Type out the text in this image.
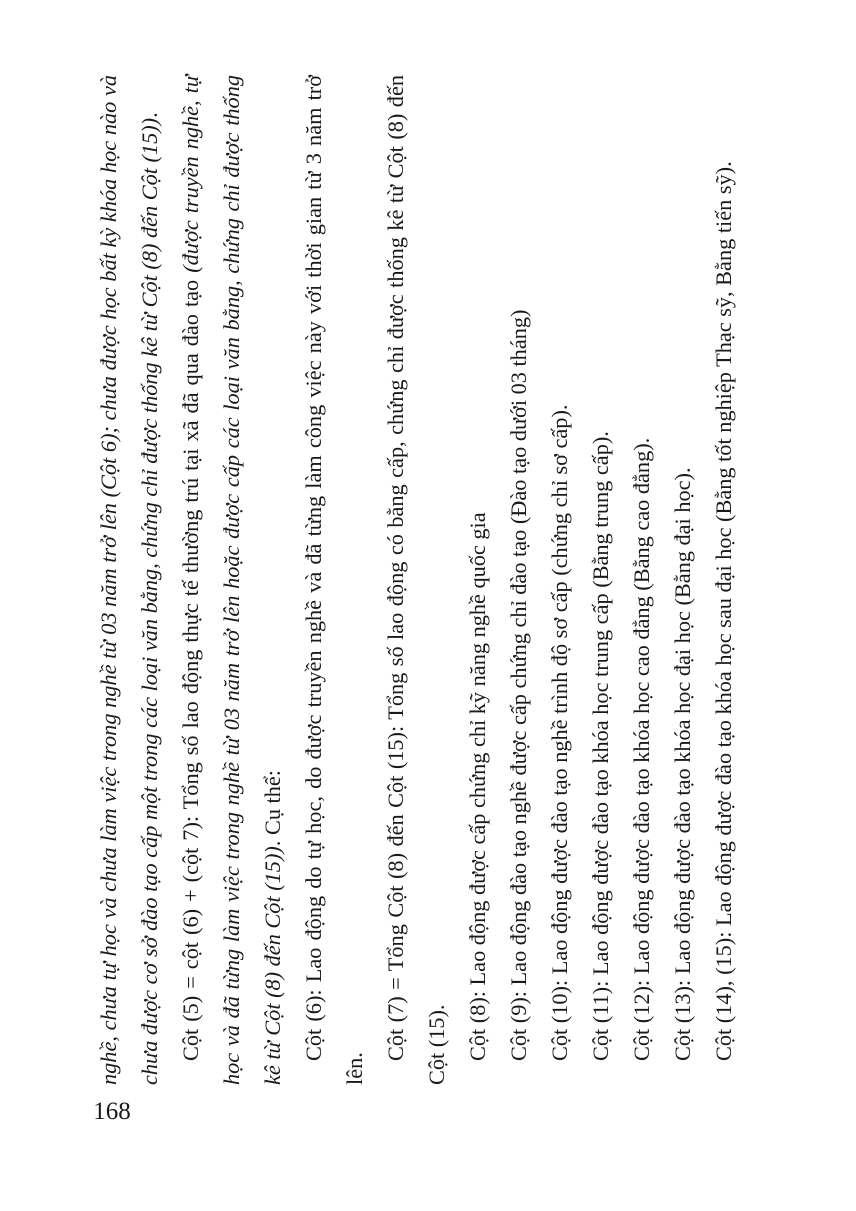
168

nghề, chưa tự học và chưa làm việc trong nghề từ 03 năm trở lên (Cột 6); chưa được học bất kỳ khóa học nào và chưa được cơ sở đào tạo cấp một trong các loại văn bằng, chứng chỉ được thống kê từ Cột (8) đến Cột (15)).

Cột (5) = cột (6) + (cột 7): Tổng số lao động thực tế thường trú tại xã đã qua đào tạo (được truyền nghề, tự học và đã từng làm việc trong nghề từ 03 năm trở lên hoặc được cấp các loại văn bằng, chứng chỉ được thống kê từ Cột (8) đến Cột (15)). Cụ thể: Cột (6): Lao động do tự học, do được truyền nghề và đã từng làm công việc này với thời gian từ 3 năm trở lên.

Cột (7) = Tổng Cột (8) đến Cột (15): Tổng số lao động có bằng cấp, chứng chỉ được thống kê từ Cột (8) đến Cột (15). Cột (8): Lao động được cấp chứng chỉ kỹ năng nghề quốc gia Cột (9): Lao động đào tạo nghề được cấp chứng chỉ đào tạo (Đào tạo dưới 03 tháng) Cột (10): Lao động được đào tạo nghề trình độ sơ cấp (chứng chỉ sơ cấp). Cột (11): Lao động được đào tạo khóa học trung cấp (Bằng trung cấp). Cột (12): Lao động được đào tạo khóa học cao đẳng (Bằng cao đẳng). Cột (13): Lao động được đào tạo khóa học đại học (Bằng đại học). Cột (14), (15): Lao động được đào tạo khóa học sau đại học (Bằng tốt nghiệp Thạc sỹ, Bằng tiến sỹ).
